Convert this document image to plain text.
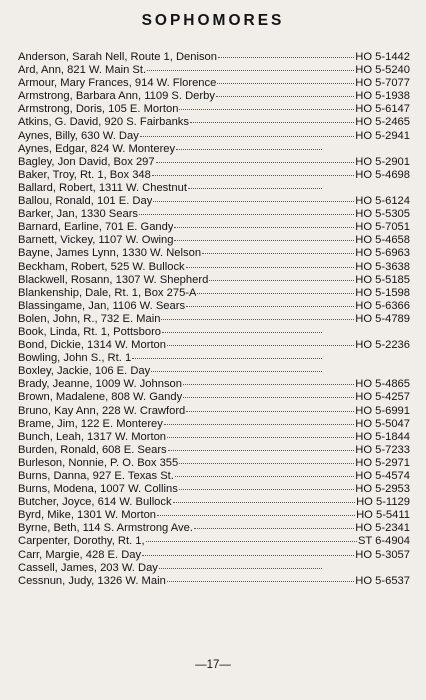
SOPHOMORES
Anderson, Sarah Nell, Route 1, Denison	HO 5-1442
Ard, Ann, 821 W. Main St.	HO 5-5240
Armour, Mary Frances, 914 W. Florence	HO 5-7077
Armstrong, Barbara Ann, 1109 S. Derby	HO 5-1938
Armstrong, Doris, 105 E. Morton	HO 5-6147
Atkins, G. David, 920 S. Fairbanks	HO 5-2465
Aynes, Billy, 630 W. Day	HO 5-2941
Aynes, Edgar, 824 W. Monterey
Bagley, Jon David, Box 297	HO 5-2901
Baker, Troy, Rt. 1, Box 348	HO 5-4698
Ballard, Robert, 1311 W. Chestnut
Ballou, Ronald, 101 E. Day	HO 5-6124
Barker, Jan, 1330 Sears	HO 5-5305
Barnard, Earline, 701 E. Gandy	HO 5-7051
Barnett, Vickey, 1107 W. Owing	HO 5-4658
Bayne, James Lynn, 1330 W. Nelson	HO 5-6963
Beckham, Robert, 525 W. Bullock	HO 5-3638
Blackwell, Rosann, 1307 W. Shepherd	HO 5-5185
Blankenship, Dale, Rt. 1, Box 275-A	HO 5-1598
Blassingame, Jan, 1106 W. Sears	HO 5-6366
Bolen, John, R., 732 E. Main	HO 5-4789
Book, Linda, Rt. 1, Pottsboro
Bond, Dickie, 1314 W. Morton	HO 5-2236
Bowling, John S., Rt. 1
Boxley, Jackie, 106 E. Day
Brady, Jeanne, 1009 W. Johnson	HO 5-4865
Brown, Madalene, 808 W. Gandy	HO 5-4257
Bruno, Kay Ann, 228 W. Crawford	HO 5-6991
Brame, Jim, 122 E. Monterey	HO 5-5047
Bunch, Leah, 1317 W. Morton	HO 5-1844
Burden, Ronald, 608 E. Sears	HO 5-7233
Burleson, Nonnie, P. O. Box 355	HO 5-2971
Burns, Danna, 927 E. Texas St.	HO 5-4574
Burns, Modena, 1007 W. Collins	HO 5-2953
Butcher, Joyce, 614 W. Bullock	HO 5-1129
Byrd, Mike, 1301 W. Morton	HO 5-5411
Byrne, Beth, 114 S. Armstrong Ave.	HO 5-2341
Carpenter, Dorothy, Rt. 1,	ST 6-4904
Carr, Margie, 428 E. Day	HO 5-3057
Cassell, James, 203 W. Day
Cessnun, Judy, 1326 W. Main	HO 5-6537
—17—
